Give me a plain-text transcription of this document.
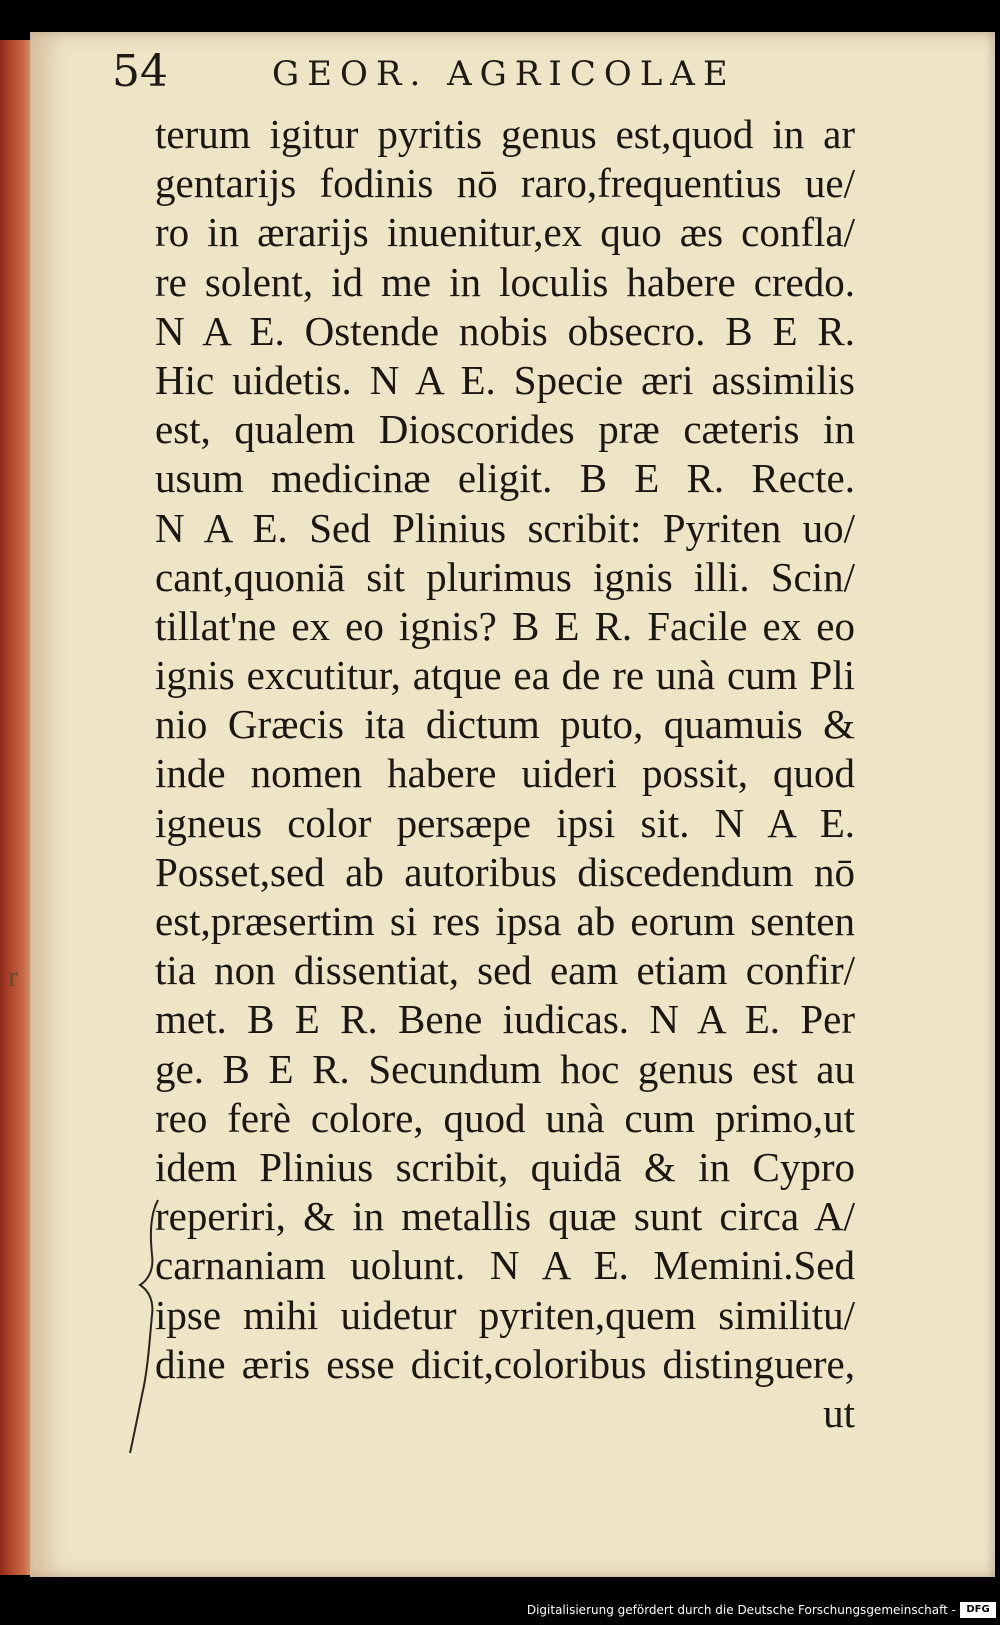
54	GEOR. AGRICOLAE
r
terum igitur pyritis genus est,quod in ar
gentarijs fodinis nō raro,frequentius ue/
ro in ærarijs inuenitur,ex quo æs confla/
re solent, id me in loculis habere credo.
N A E. Ostende nobis obsecro. B E R.
Hic uidetis. N A E. Specie æri assimilis
est, qualem Dioscorides præ cæteris in
usum medicinæ eligit. B E R. Recte.
N A E. Sed Plinius scribit: Pyriten uo/
cant,quoniā sit plurimus ignis illi. Scin/
tillat'ne ex eo ignis? B E R. Facile ex eo
ignis excutitur, atque ea de re unà cum Pli
nio Græcis ita dictum puto, quamuis &
inde nomen habere uideri possit, quod
igneus color persæpe ipsi sit. N A E.
Posset,sed ab autoribus discedendum nō
est,præsertim si res ipsa ab eorum senten
tia non dissentiat, sed eam etiam confir/
met. B E R. Bene iudicas. N A E. Per
ge. B E R. Secundum hoc genus est au
reo ferè colore, quod unà cum primo,ut
idem Plinius scribit, quidā & in Cypro
reperiri, & in metallis quæ sunt circa A/
carnaniam uolunt. N A E. Memini.Sed
ipse mihi uidetur pyriten,quem similitu/
dine æris esse dicit,coloribus distinguere,
ut
Digitalisierung gefördert durch die Deutsche Forschungsgemeinschaft -	DFG
